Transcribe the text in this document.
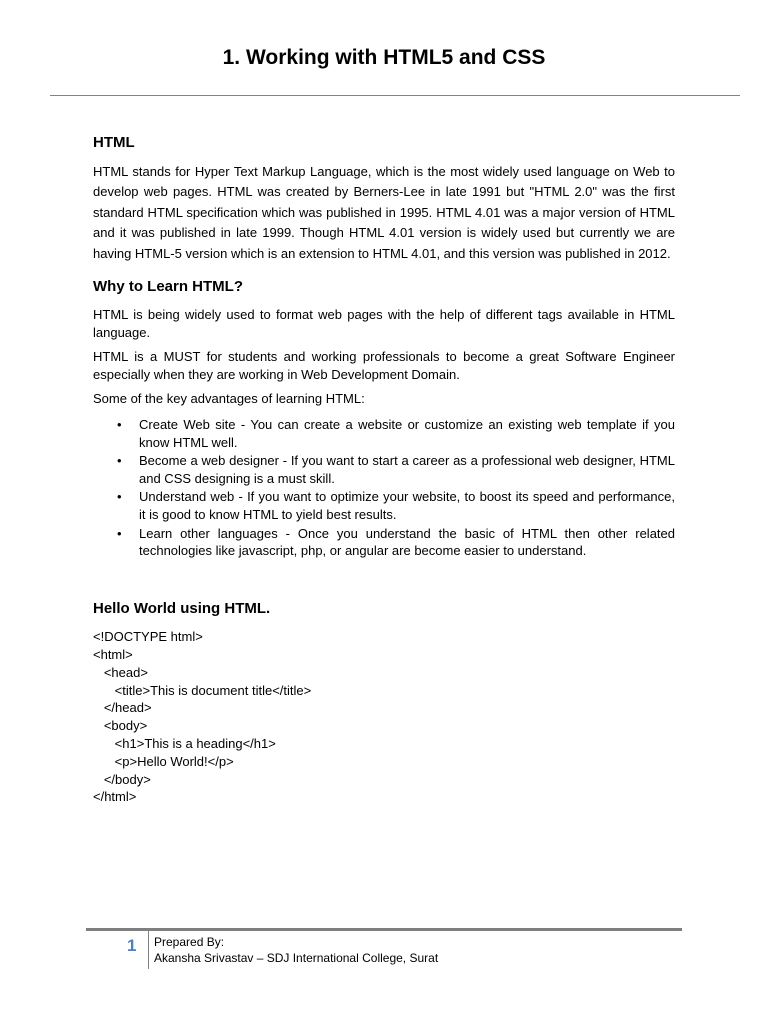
1. Working with HTML5 and CSS
HTML

HTML stands for Hyper Text Markup Language, which is the most widely used language on Web to develop web pages. HTML was created by Berners-Lee in late 1991 but "HTML 2.0" was the first standard HTML specification which was published in 1995. HTML 4.01 was a major version of HTML and it was published in late 1999. Though HTML 4.01 version is widely used but currently we are having HTML-5 version which is an extension to HTML 4.01, and this version was published in 2012.

Why to Learn HTML?

HTML is being widely used to format web pages with the help of different tags available in HTML language.

HTML is a MUST for students and working professionals to become a great Software Engineer especially when they are working in Web Development Domain.

Some of the key advantages of learning HTML:

• Create Web site - You can create a website or customize an existing web template if you know HTML well.
• Become a web designer - If you want to start a career as a professional web designer, HTML and CSS designing is a must skill.
• Understand web - If you want to optimize your website, to boost its speed and performance, it is good to know HTML to yield best results.
• Learn other languages - Once you understand the basic of HTML then other related technologies like javascript, php, or angular are become easier to understand.
Hello World using HTML.
<!DOCTYPE html>
<html>
<head>
<title>This is document title</title>
</head>
<body>
<h1>This is a heading</h1>
<p>Hello World!</p>
</body>
</html>
1 Prepared By:
Akansha Srivastav – SDJ International College, Surat
